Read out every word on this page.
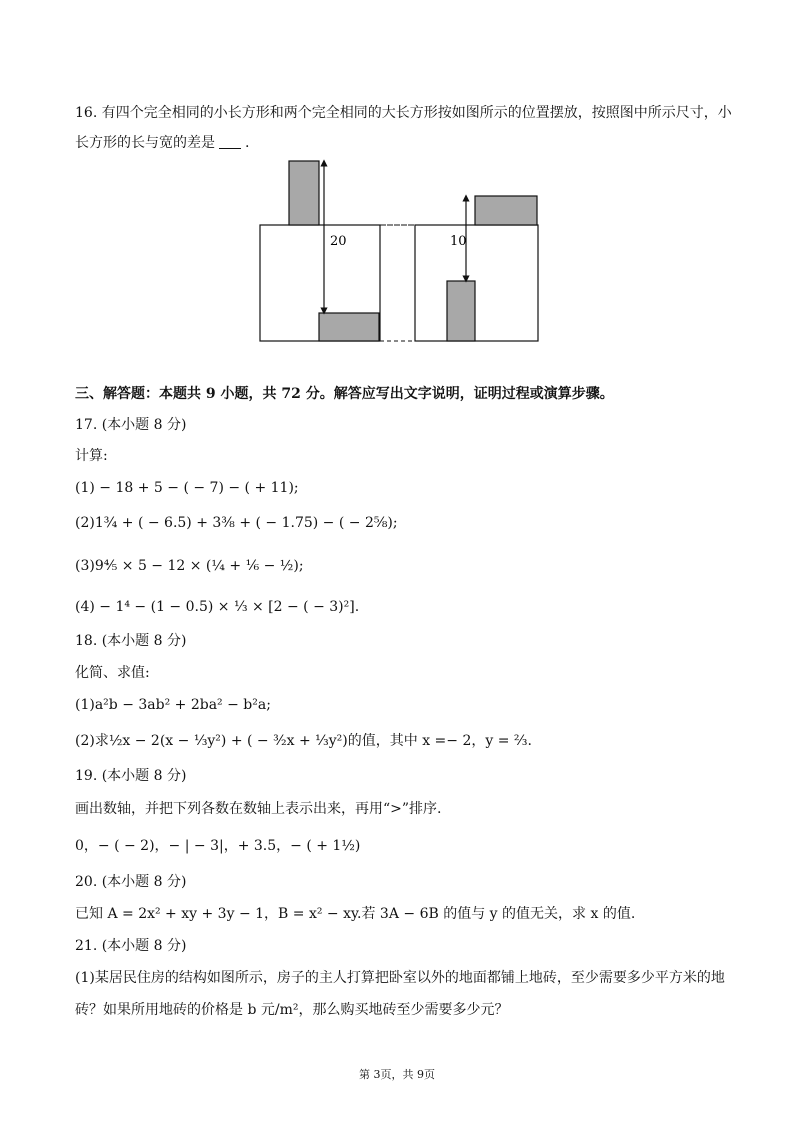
16. 有四个完全相同的小长方形和两个完全相同的大长方形按如图所示的位置摆放，按照图中所示尺寸，小
长方形的长与宽的差是 .
20	10
三、解答题：本题共 9 小题，共 72 分。解答应写出文字说明，证明过程或演算步骤。
17. (本小题 8 分)
计算:
(1) − 18 + 5 − ( − 7) − ( + 11);
(2)1¾ + ( − 6.5) + 3⅜ + ( − 1.75) − ( − 2⅝);
(3)9⅘ × 5 − 12 × (¼ + ⅙ − ½);
(4) − 1⁴ − (1 − 0.5) × ⅓ × [2 − ( − 3)²].
18. (本小题 8 分)
化简、求值:
(1)a²b − 3ab² + 2ba² − b²a;
(2)求½x − 2(x − ⅓y²) + ( − ³⁄₂x + ⅓y²)的值，其中 x =− 2，y = ⅔.
19. (本小题 8 分)
画出数轴，并把下列各数在数轴上表示出来，再用“>”排序.
0，− ( − 2)，− | − 3|，+ 3.5，− ( + 1½)
20. (本小题 8 分)
已知 A = 2x² + xy + 3y − 1，B = x² − xy.若 3A − 6B 的值与 y 的值无关，求 x 的值.
21. (本小题 8 分)
(1)某居民住房的结构如图所示，房子的主人打算把卧室以外的地面都铺上地砖，至少需要多少平方米的地
砖？如果所用地砖的价格是 b 元/m²，那么购买地砖至少需要多少元？
第 3页，共 9页
